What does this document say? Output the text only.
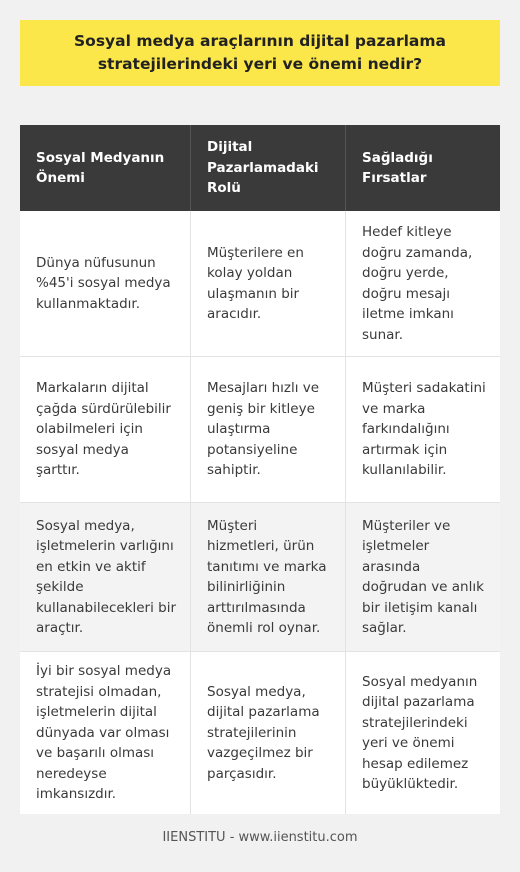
Sosyal medya araçlarının dijital pazarlama stratejilerindeki yeri ve önemi nedir?
Sosyal Medyanın Önemi
Dijital Pazarlamadaki Rolü
Sağladığı Fırsatlar
Dünya nüfusunun %45'i sosyal medya kullanmaktadır.
Müşterilere en kolay yoldan ulaşmanın bir aracıdır.
Hedef kitleye doğru zamanda, doğru yerde, doğru mesajı iletme imkanı sunar.
Markaların dijital çağda sürdürülebilir olabilmeleri için sosyal medya şarttır.
Mesajları hızlı ve geniş bir kitleye ulaştırma potansiyeline sahiptir.
Müşteri sadakatini ve marka farkındalığını artırmak için kullanılabilir.
Sosyal medya, işletmelerin varlığını en etkin ve aktif şekilde kullanabilecekleri bir araçtır.
Müşteri hizmetleri, ürün tanıtımı ve marka bilinirliğinin arttırılmasında önemli rol oynar.
Müşteriler ve işletmeler arasında doğrudan ve anlık bir iletişim kanalı sağlar.
İyi bir sosyal medya stratejisi olmadan, işletmelerin dijital dünyada var olması ve başarılı olması neredeyse imkansızdır.
Sosyal medya, dijital pazarlama stratejilerinin vazgeçilmez bir parçasıdır.
Sosyal medyanın dijital pazarlama stratejilerindeki yeri ve önemi hesap edilemez büyüklüktedir.
IIENSTITU - www.iienstitu.com
